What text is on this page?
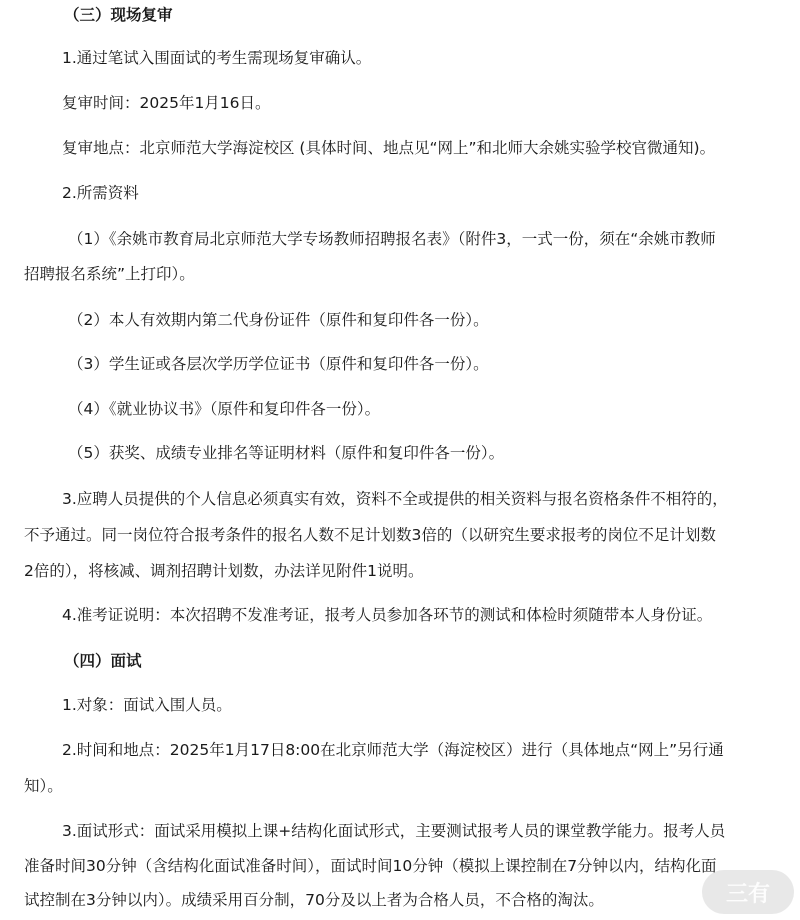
（三）现场复审
1.通过笔试入围面试的考生需现场复审确认。
复审时间：2025年1月16日。
复审地点：北京师范大学海淀校区 (具体时间、地点见“网上”和北师大余姚实验学校官微通知)。
2.所需资料
（1）《余姚市教育局北京师范大学专场教师招聘报名表》（附件3，一式一份，须在“余姚市教师
招聘报名系统”上打印）。
（2）本人有效期内第二代身份证件（原件和复印件各一份）。
（3）学生证或各层次学历学位证书（原件和复印件各一份）。
（4）《就业协议书》（原件和复印件各一份）。
（5）获奖、成绩专业排名等证明材料（原件和复印件各一份）。
3.应聘人员提供的个人信息必须真实有效，资料不全或提供的相关资料与报名资格条件不相符的，
不予通过。同一岗位符合报考条件的报名人数不足计划数3倍的（以研究生要求报考的岗位不足计划数
2倍的），将核减、调剂招聘计划数，办法详见附件1说明。
4.准考证说明：本次招聘不发准考证，报考人员参加各环节的测试和体检时须随带本人身份证。
（四）面试
1.对象：面试入围人员。
2.时间和地点：2025年1月17日8:00在北京师范大学（海淀校区）进行（具体地点“网上”另行通
知）。
3.面试形式：面试采用模拟上课+结构化面试形式，主要测试报考人员的课堂教学能力。报考人员
准备时间30分钟（含结构化面试准备时间），面试时间10分钟（模拟上课控制在7分钟以内，结构化面
试控制在3分钟以内）。成绩采用百分制，70分及以上者为合格人员，不合格的淘汰。	三有
